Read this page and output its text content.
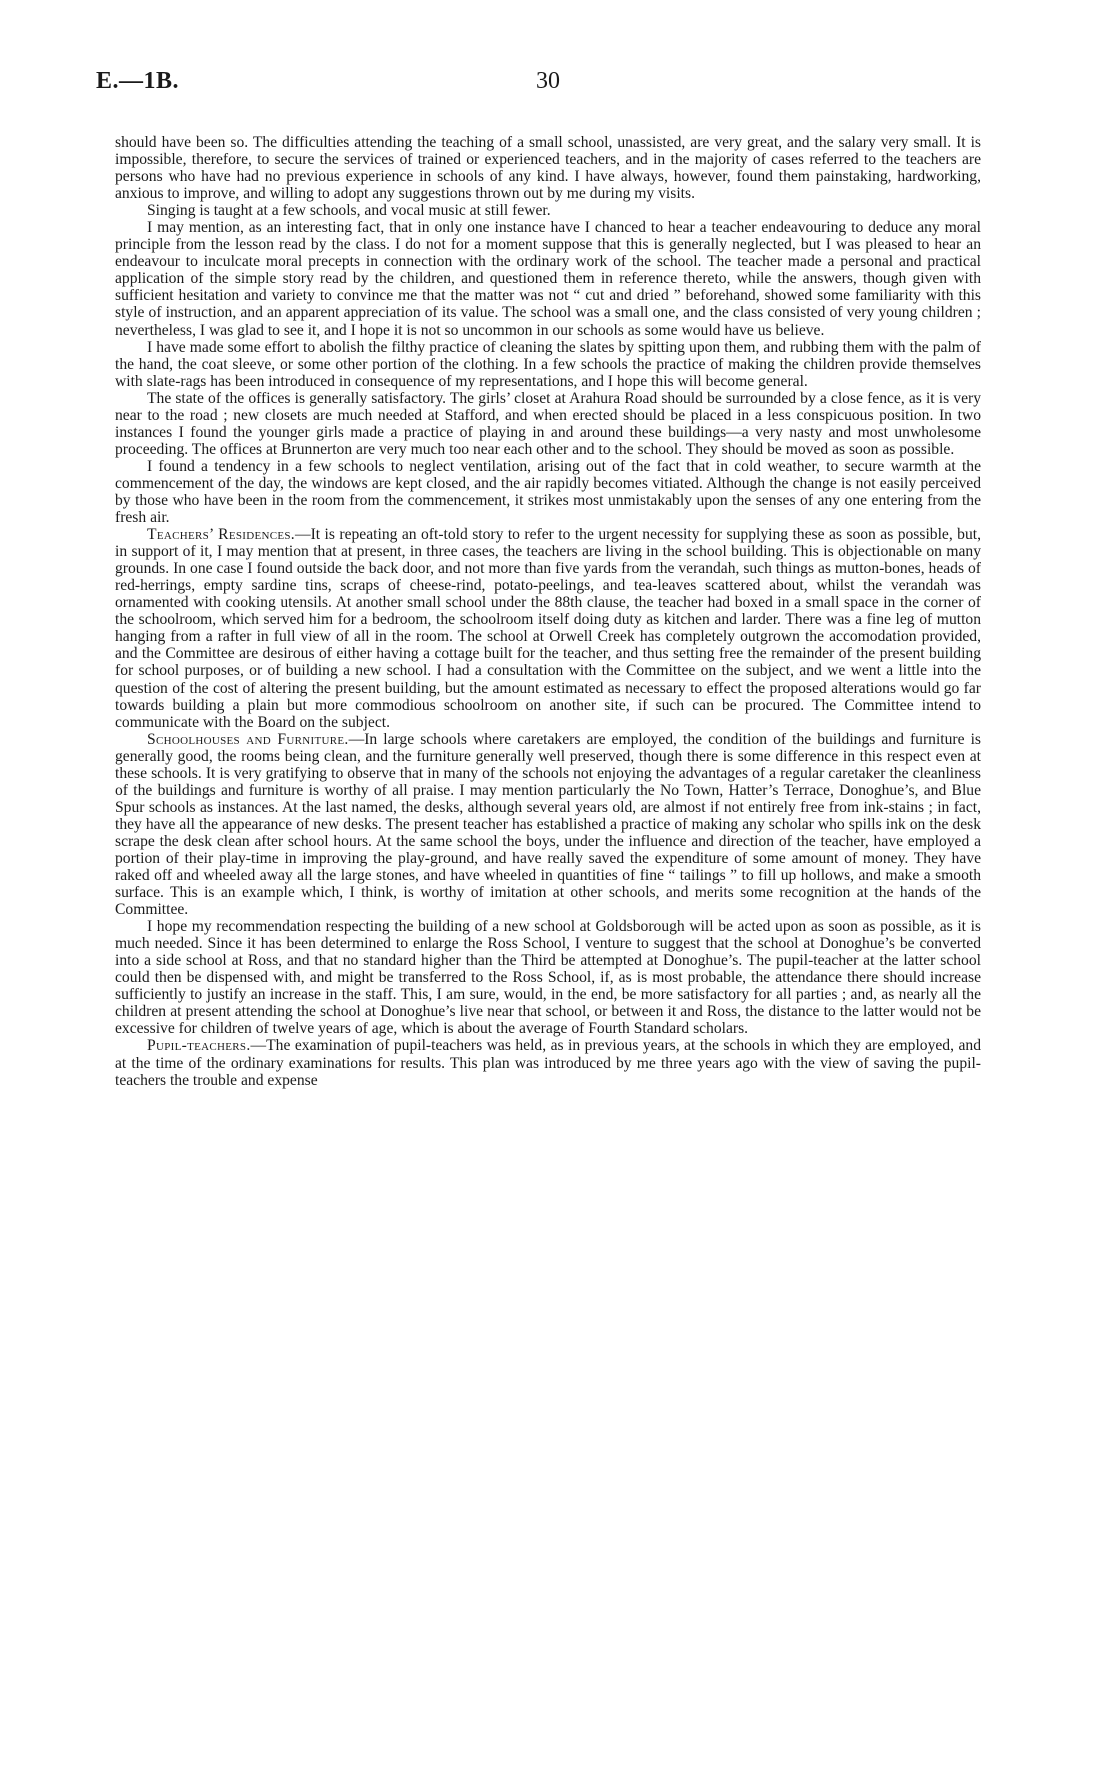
E.—1B.	30

should have been so. The difficulties attending the teaching of a small school, unassisted, are very great, and the salary very small. It is impossible, therefore, to secure the services of trained or experienced teachers, and in the majority of cases referred to the teachers are persons who have had no previous experience in schools of any kind. I have always, however, found them painstaking, hardworking, anxious to improve, and willing to adopt any suggestions thrown out by me during my visits.

Singing is taught at a few schools, and vocal music at still fewer.

I may mention, as an interesting fact, that in only one instance have I chanced to hear a teacher endeavouring to deduce any moral principle from the lesson read by the class. I do not for a moment suppose that this is generally neglected, but I was pleased to hear an endeavour to inculcate moral precepts in connection with the ordinary work of the school. The teacher made a personal and practical application of the simple story read by the children, and questioned them in reference thereto, while the answers, though given with sufficient hesitation and variety to convince me that the matter was not “ cut and dried ” beforehand, showed some familiarity with this style of instruction, and an apparent appreciation of its value. The school was a small one, and the class consisted of very young children ; nevertheless, I was glad to see it, and I hope it is not so uncommon in our schools as some would have us believe.

I have made some effort to abolish the filthy practice of cleaning the slates by spitting upon them, and rubbing them with the palm of the hand, the coat sleeve, or some other portion of the clothing. In a few schools the practice of making the children provide themselves with slate-rags has been introduced in consequence of my representations, and I hope this will become general.

The state of the offices is generally satisfactory. The girls’ closet at Arahura Road should be surrounded by a close fence, as it is very near to the road ; new closets are much needed at Stafford, and when erected should be placed in a less conspicuous position. In two instances I found the younger girls made a practice of playing in and around these buildings—a very nasty and most unwholesome proceeding. The offices at Brunnerton are very much too near each other and to the school. They should be moved as soon as possible.

I found a tendency in a few schools to neglect ventilation, arising out of the fact that in cold weather, to secure warmth at the commencement of the day, the windows are kept closed, and the air rapidly becomes vitiated. Although the change is not easily perceived by those who have been in the room from the commencement, it strikes most unmistakably upon the senses of any one entering from the fresh air.

Teachers’ Residences.—It is repeating an oft-told story to refer to the urgent necessity for supplying these as soon as possible, but, in support of it, I may mention that at present, in three cases, the teachers are living in the school building. This is objectionable on many grounds. In one case I found outside the back door, and not more than five yards from the verandah, such things as mutton-bones, heads of red-herrings, empty sardine tins, scraps of cheese-rind, potato-peelings, and tea-leaves scattered about, whilst the verandah was ornamented with cooking utensils. At another small school under the 88th clause, the teacher had boxed in a small space in the corner of the schoolroom, which served him for a bedroom, the schoolroom itself doing duty as kitchen and larder. There was a fine leg of mutton hanging from a rafter in full view of all in the room. The school at Orwell Creek has completely outgrown the accomodation provided, and the Committee are desirous of either having a cottage built for the teacher, and thus setting free the remainder of the present building for school purposes, or of building a new school. I had a consultation with the Committee on the subject, and we went a little into the question of the cost of altering the present building, but the amount estimated as necessary to effect the proposed alterations would go far towards building a plain but more commodious schoolroom on another site, if such can be procured. The Committee intend to communicate with the Board on the subject.

Schoolhouses and Furniture.—In large schools where caretakers are employed, the condition of the buildings and furniture is generally good, the rooms being clean, and the furniture generally well preserved, though there is some difference in this respect even at these schools. It is very gratifying to observe that in many of the schools not enjoying the advantages of a regular caretaker the cleanliness of the buildings and furniture is worthy of all praise. I may mention particularly the No Town, Hatter’s Terrace, Donoghue’s, and Blue Spur schools as instances. At the last named, the desks, although several years old, are almost if not entirely free from ink-stains ; in fact, they have all the appearance of new desks. The present teacher has established a practice of making any scholar who spills ink on the desk scrape the desk clean after school hours. At the same school the boys, under the influence and direction of the teacher, have employed a portion of their play-time in improving the play-ground, and have really saved the expenditure of some amount of money. They have raked off and wheeled away all the large stones, and have wheeled in quantities of fine “ tailings ” to fill up hollows, and make a smooth surface. This is an example which, I think, is worthy of imitation at other schools, and merits some recognition at the hands of the Committee.

I hope my recommendation respecting the building of a new school at Goldsborough will be acted upon as soon as possible, as it is much needed. Since it has been determined to enlarge the Ross School, I venture to suggest that the school at Donoghue’s be converted into a side school at Ross, and that no standard higher than the Third be attempted at Donoghue’s. The pupil-teacher at the latter school could then be dispensed with, and might be transferred to the Ross School, if, as is most probable, the attendance there should increase sufficiently to justify an increase in the staff. This, I am sure, would, in the end, be more satisfactory for all parties ; and, as nearly all the children at present attending the school at Donoghue’s live near that school, or between it and Ross, the distance to the latter would not be excessive for children of twelve years of age, which is about the average of Fourth Standard scholars.

Pupil-teachers.—The examination of pupil-teachers was held, as in previous years, at the schools in which they are employed, and at the time of the ordinary examinations for results. This plan was introduced by me three years ago with the view of saving the pupil-teachers the trouble and expense
